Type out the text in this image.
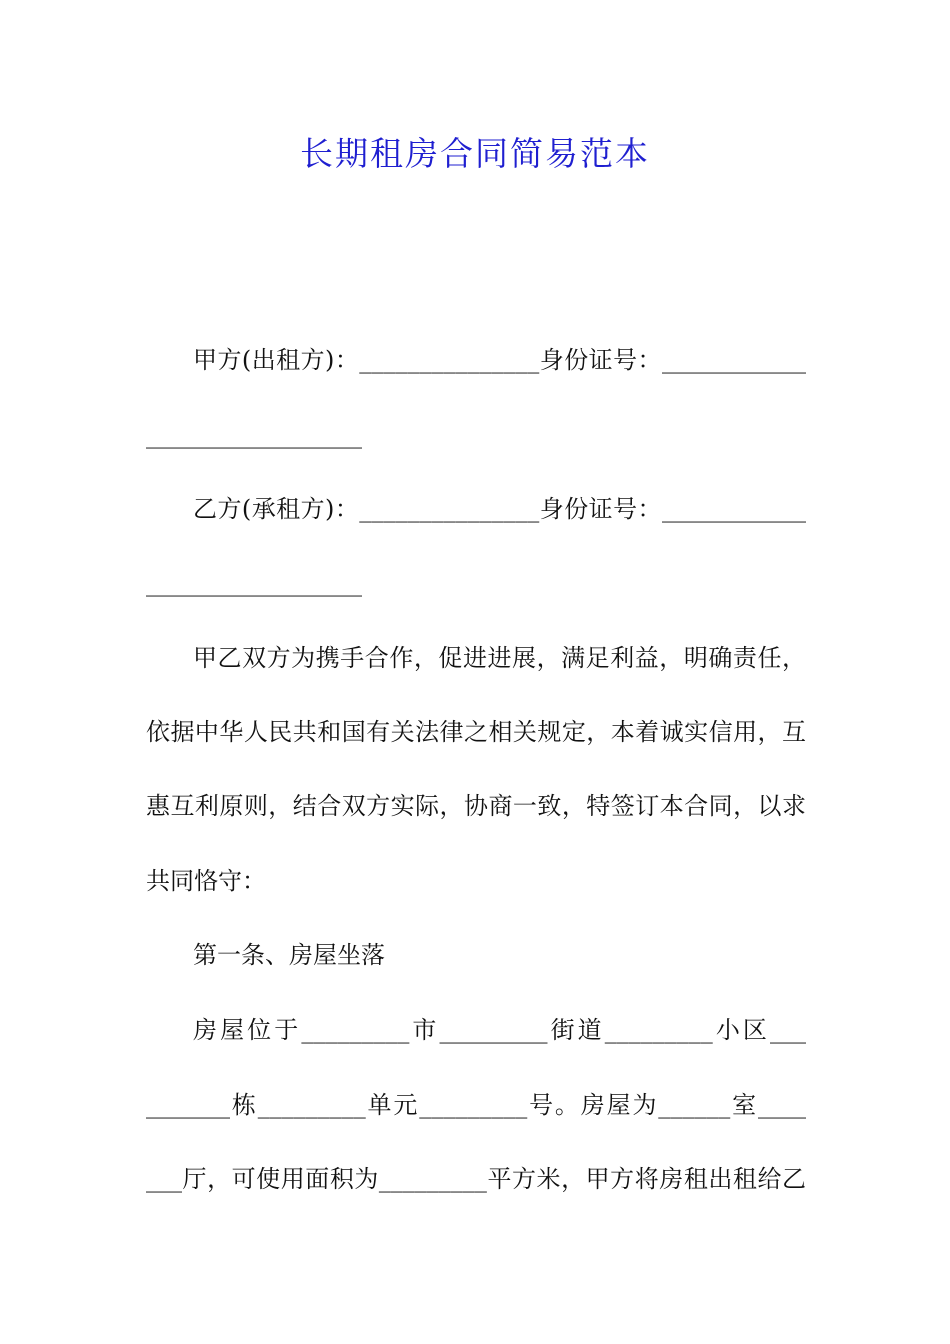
长期租房合同简易范本
甲方(出租方)：_______________身份证号：____________
__________________
乙方(承租方)：_______________身份证号：____________
__________________
甲乙双方为携手合作，促进进展，满足利益，明确责任，
依据中华人民共和国有关法律之相关规定，本着诚实信用，互
惠互利原则，结合双方实际，协商一致，特签订本合同，以求
共同恪守：
第一条、房屋坐落
房屋位于_________市_________街道_________小区___
_______栋_________单元_________号。房屋为______室____
___厅，可使用面积为_________平方米，甲方将房租出租给乙
